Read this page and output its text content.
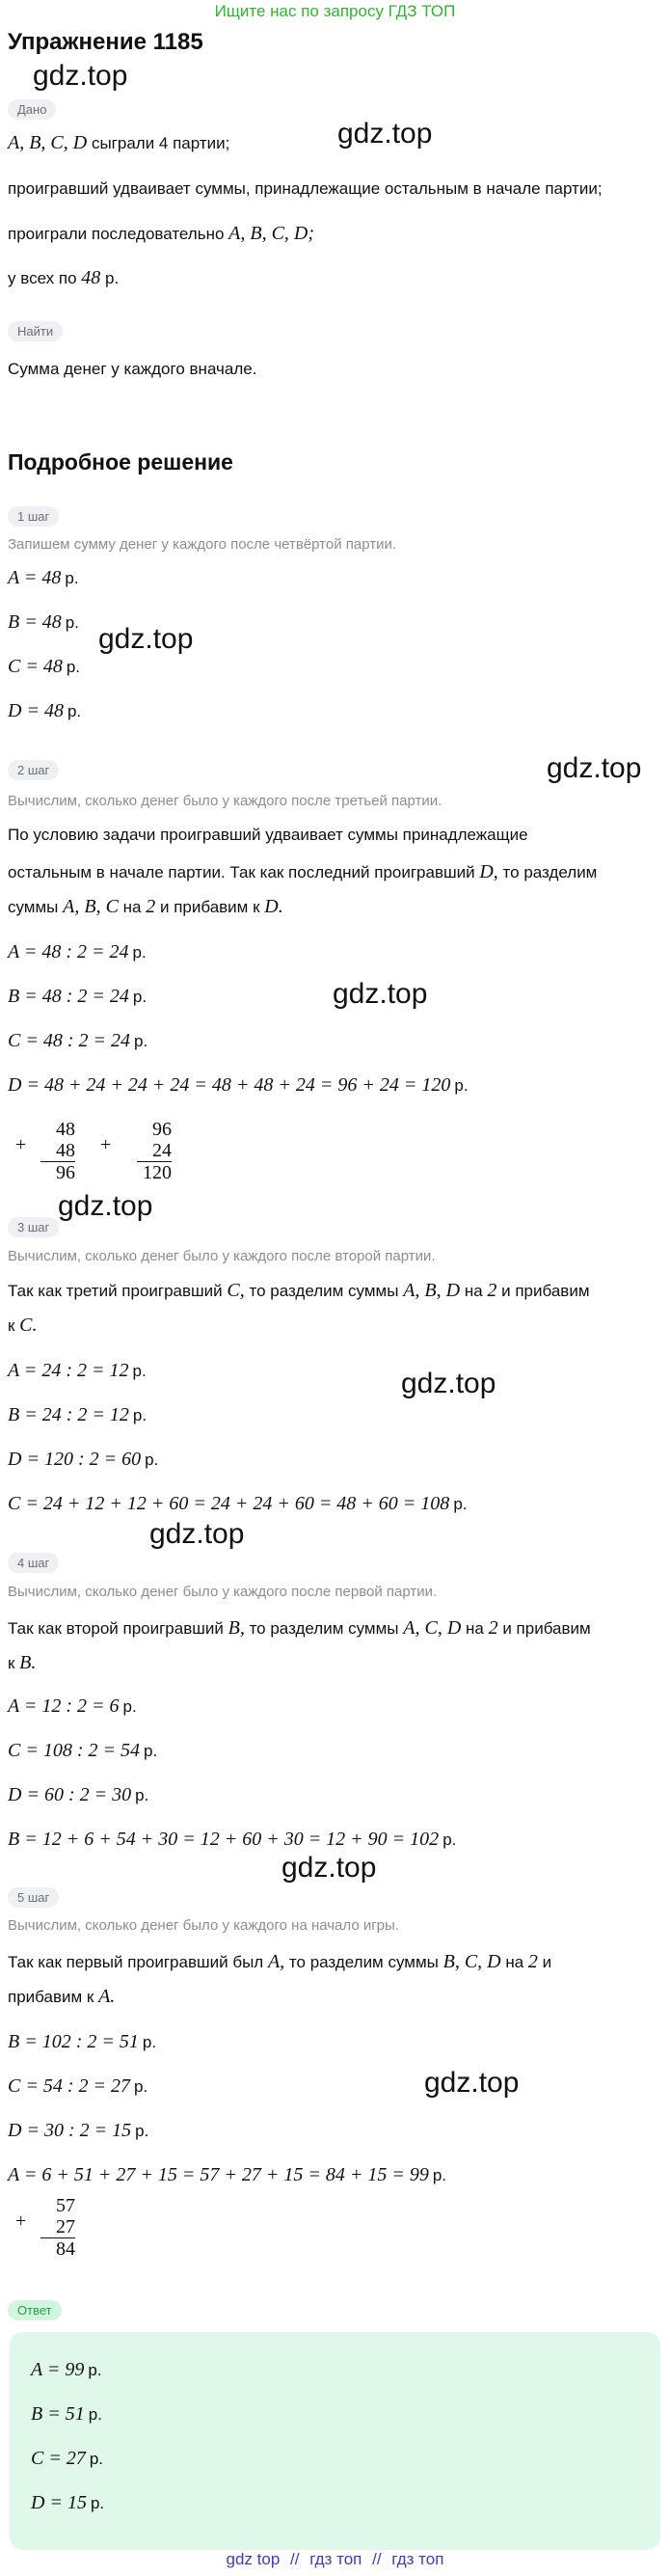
Ищите нас по запросу ГДЗ ТОП
Упражнение 1185
gdz.top
gdz.top
gdz.top
gdz.top
gdz.top
gdz.top
gdz.top
gdz.top
gdz.top
gdz.top
Дано
A, B, C, D сыграли 4 партии;
проигравший удваивает суммы, принадлежащие остальным в начале партии;
проиграли последовательно A, B, C, D;
у всех по 48 р.
Найти
Сумма денег у каждого вначале.
Подробное решение
1 шаг
Запишем сумму денег у каждого после четвёртой партии.
A = 48 р.
B = 48 р.
C = 48 р.
D = 48 р.
2 шаг
Вычислим, сколько денег было у каждого после третьей партии.
По условию задачи проигравший удваивает суммы принадлежащие
остальным в начале партии. Так как последний проигравший D, то разделим
суммы A, B, C на 2 и прибавим к D.
A = 48 : 2 = 24 р.
B = 48 : 2 = 24 р.
C = 48 : 2 = 24 р.
D = 48 + 24 + 24 + 24 = 48 + 48 + 24 = 96 + 24 = 120 р.
+
48
48
96
+
96
24
120
3 шаг
Вычислим, сколько денег было у каждого после второй партии.
Так как третий проигравший C, то разделим суммы A, B, D на 2 и прибавим
к C.
A = 24 : 2 = 12 р.
B = 24 : 2 = 12 р.
D = 120 : 2 = 60 р.
C = 24 + 12 + 12 + 60 = 24 + 24 + 60 = 48 + 60 = 108 р.
4 шаг
Вычислим, сколько денег было у каждого после первой партии.
Так как второй проигравший B, то разделим суммы A, C, D на 2 и прибавим
к B.
A = 12 : 2 = 6 р.
C = 108 : 2 = 54 р.
D = 60 : 2 = 30 р.
B = 12 + 6 + 54 + 30 = 12 + 60 + 30 = 12 + 90 = 102 р.
5 шаг
Вычислим, сколько денег было у каждого на начало игры.
Так как первый проигравший был A, то разделим суммы B, C, D на 2 и
прибавим к A.
B = 102 : 2 = 51 р.
C = 54 : 2 = 27 р.
D = 30 : 2 = 15 р.
A = 6 + 51 + 27 + 15 = 57 + 27 + 15 = 84 + 15 = 99 р.
+
57
27
84
Ответ
A = 99 р.
B = 51 р.
C = 27 р.
D = 15 р.
gdz top // гдз топ // гдз топ
